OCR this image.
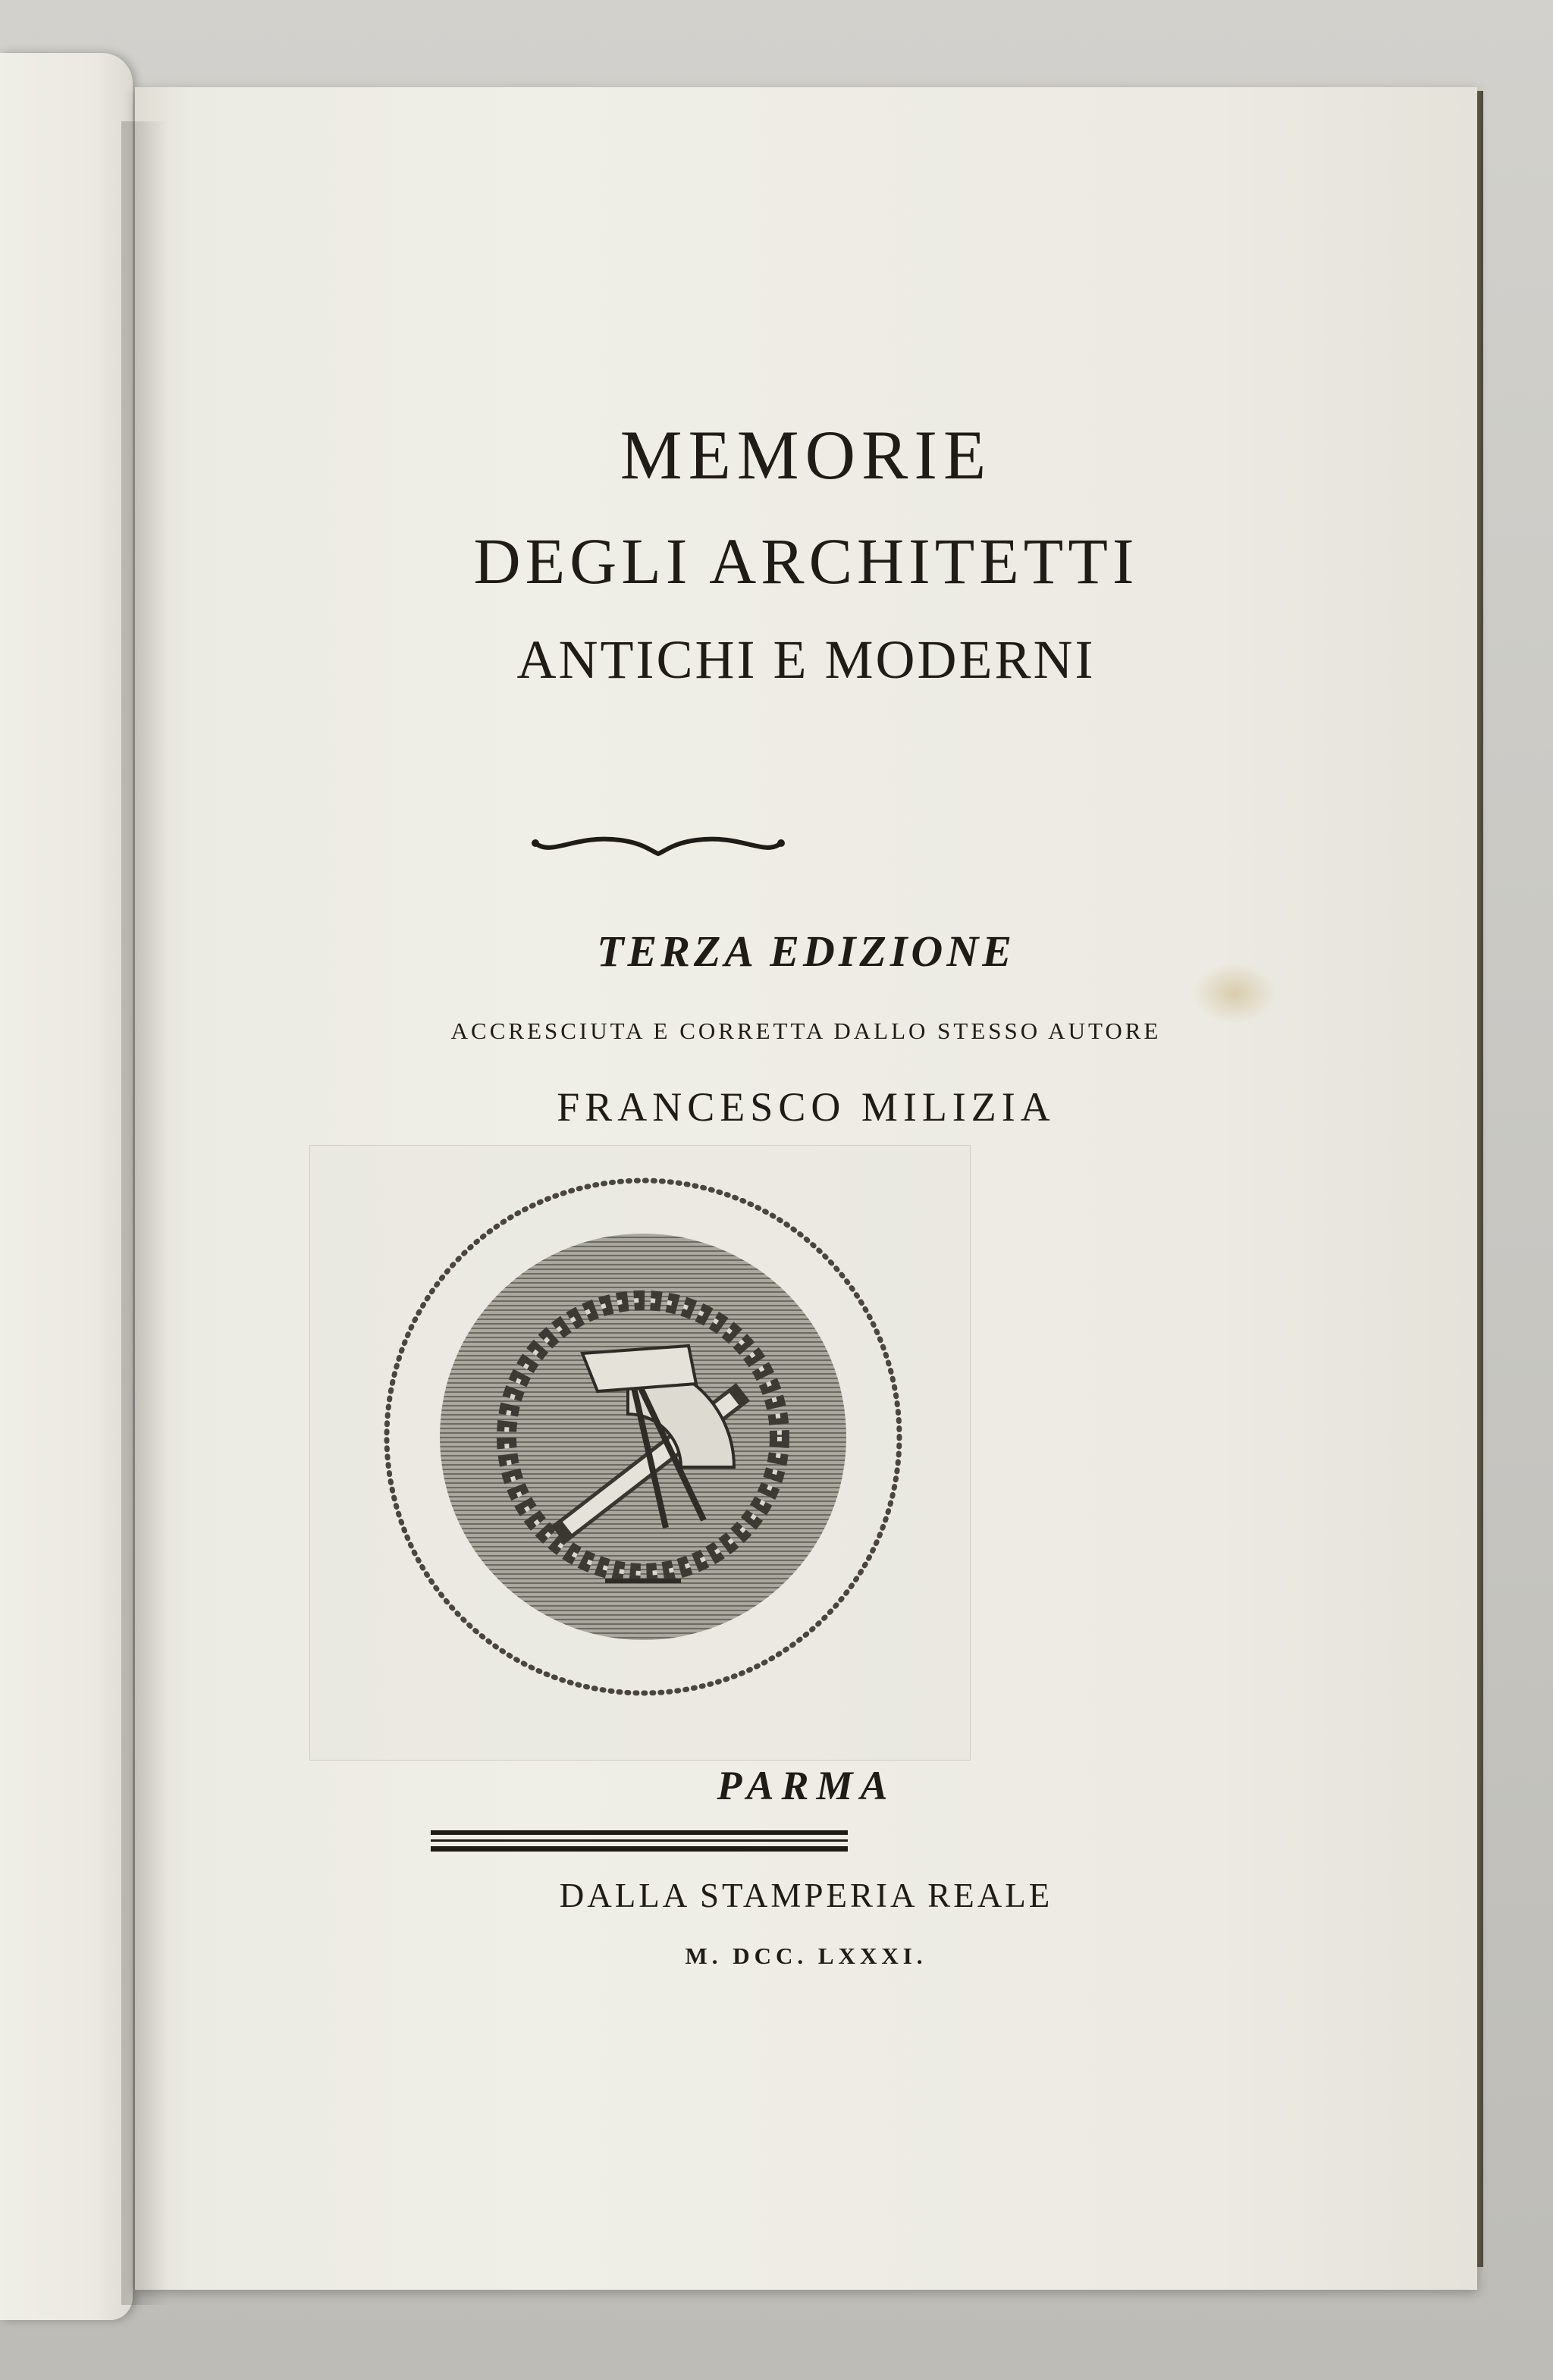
MEMORIE

DEGLI ARCHITETTI

ANTICHI E MODERNI

TERZA EDIZIONE

ACCRESCIUTA E CORRETTA DALLO STESSO AUTORE

FRANCESCO MILIZIA

PARMA

DALLA STAMPERIA REALE

M. DCC. LXXXI.
